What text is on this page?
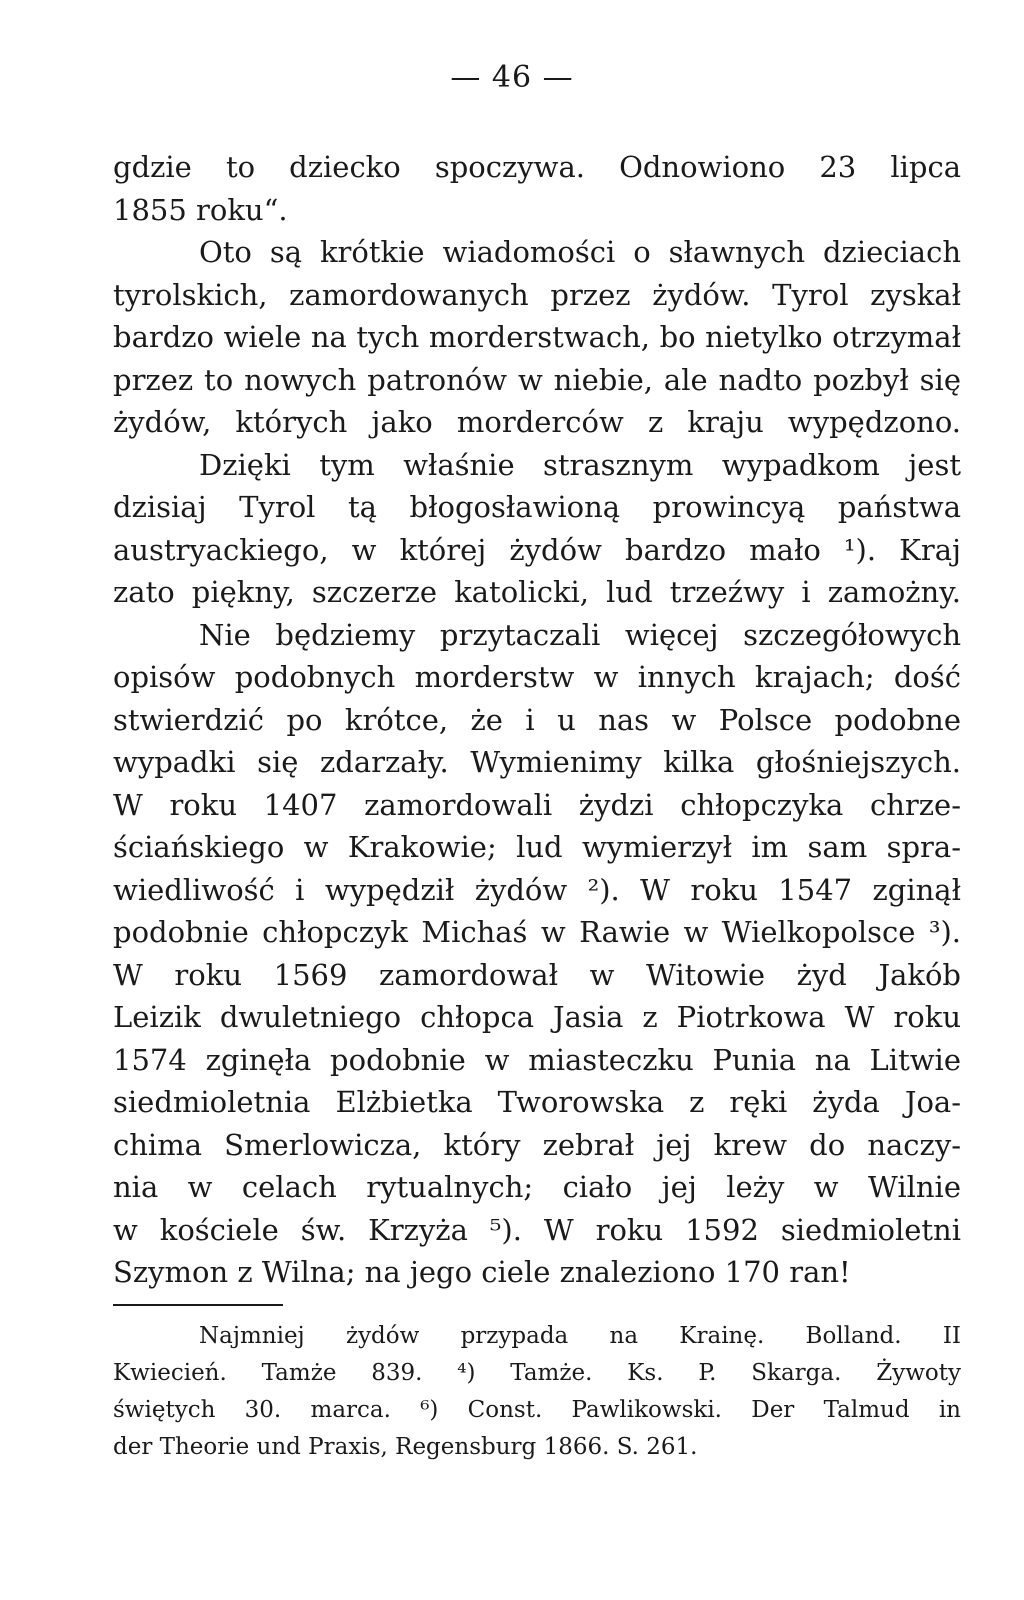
— 46 —
gdzie to dziecko spoczywa. Odnowiono 23 lipca
1855 roku“.
Oto są krótkie wiadomości o sławnych dzieciach
tyrolskich, zamordowanych przez żydów. Tyrol zyskał
bardzo wiele na tych morderstwach, bo nietylko otrzymał
przez to nowych patronów w niebie, ale nadto pozbył się
żydów, których jako morderców z kraju wypędzono.
Dzięki tym właśnie strasznym wypadkom jest
dzisiaj Tyrol tą błogosławioną prowincyą państwa
austryackiego, w której żydów bardzo mało ¹). Kraj
zato piękny, szczerze katolicki, lud trzeźwy i zamożny.
Nie będziemy przytaczali więcej szczegółowych
opisów podobnych morderstw w innych krajach; dość
stwierdzić po krótce, że i u nas w Polsce podobne
wypadki się zdarzały. Wymienimy kilka głośniejszych.
W roku 1407 zamordowali żydzi chłopczyka chrze-
ściańskiego w Krakowie; lud wymierzył im sam spra-
wiedliwość i wypędził żydów ²). W roku 1547 zginął
podobnie chłopczyk Michaś w Rawie w Wielkopolsce ³).
W roku 1569 zamordował w Witowie żyd Jakób
Leizik dwuletniego chłopca Jasia z Piotrkowa W roku
1574 zginęła podobnie w miasteczku Punia na Litwie
siedmioletnia Elżbietka Tworowska z ręki żyda Joa-
chima Smerlowicza, który zebrał jej krew do naczy-
nia w celach rytualnych; ciało jej leży w Wilnie
w kościele św. Krzyża ⁵). W roku 1592 siedmioletni
Szymon z Wilna; na jego ciele znaleziono 170 ran!
Najmniej żydów przypada na Krainę. Bolland. II
Kwiecień. Tamże 839. ⁴) Tamże. Ks. P. Skarga. Żywoty
świętych 30. marca. ⁶) Const. Pawlikowski. Der Talmud in
der Theorie und Praxis, Regensburg 1866. S. 261.
